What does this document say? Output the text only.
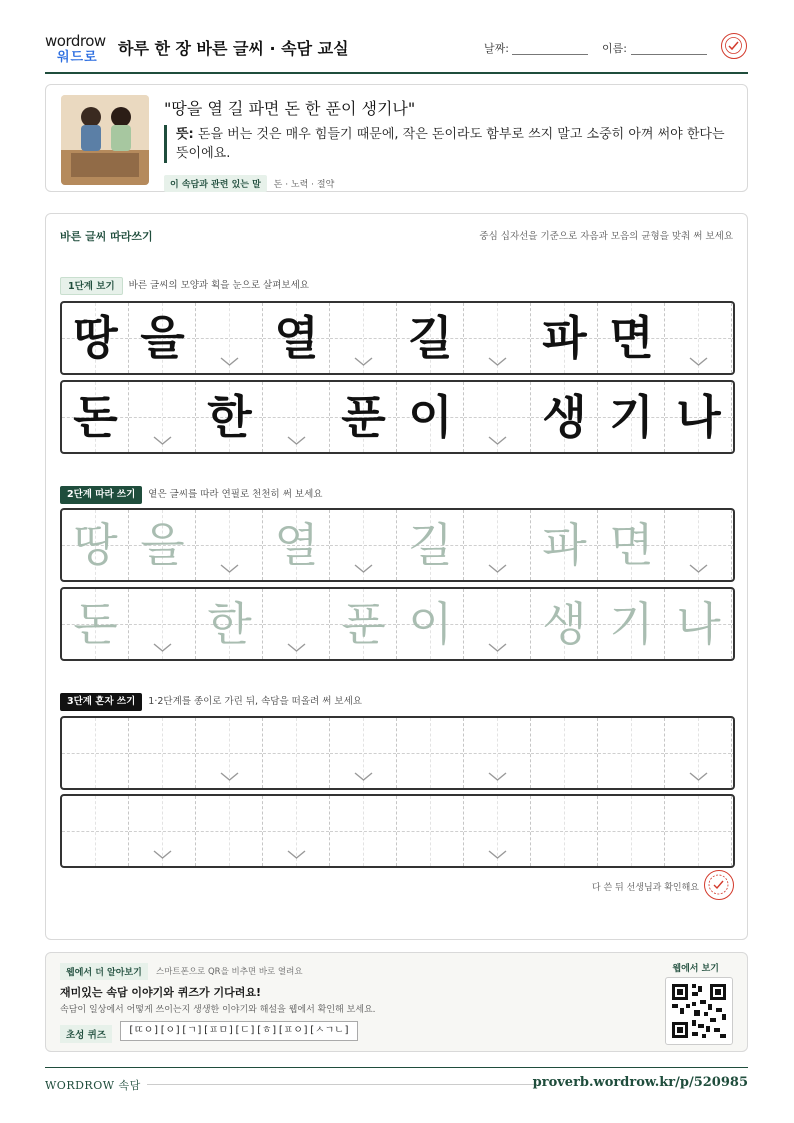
wordrow
워드로 하루 한 장 바른 글씨 · 속담 교실	날짜:	이름:
"땅을 열 길 파면 돈 한 푼이 생기나"
뜻: 돈을 버는 것은 매우 힘들기 때문에, 작은 돈이라도 함부로 쓰지 말고 소중히 아껴 써야 한다는 뜻이에요.
이 속담과 관련 있는 말 돈 · 노력 · 절약
바른 글씨 따라쓰기	중심 십자선을 기준으로 자음과 모음의 균형을 맞춰 써 보세요
1단계 보기 바른 글씨의 모양과 획을 눈으로 살펴보세요
땅 을 열 길 파 면
돈 한 푼 이 생 기 나
2단계 따라 쓰기 옅은 글씨를 따라 연필로 천천히 써 보세요
땅 을 열 길 파 면
돈 한 푼 이 생 기 나
3단계 혼자 쓰기 1·2단계를 종이로 가린 뒤, 속담을 떠올려 써 보세요
다 쓴 뒤 선생님과 확인해요
웹에서 더 알아보기	스마트폰으로 QR을 비추면 바로 열려요
재미있는 속담 이야기와 퀴즈가 기다려요!
속담이 일상에서 어떻게 쓰이는지 생생한 이야기와 해설을 웹에서 확인해 보세요.
초성 퀴즈	[ㄸㅇ][ㅇ][ㄱ][ㅍㅁ][ㄷ][ㅎ][ㅍㅇ][ㅅㄱㄴ]
웹에서 보기
WORDROW 속담	proverb.wordrow.kr/p/520985
